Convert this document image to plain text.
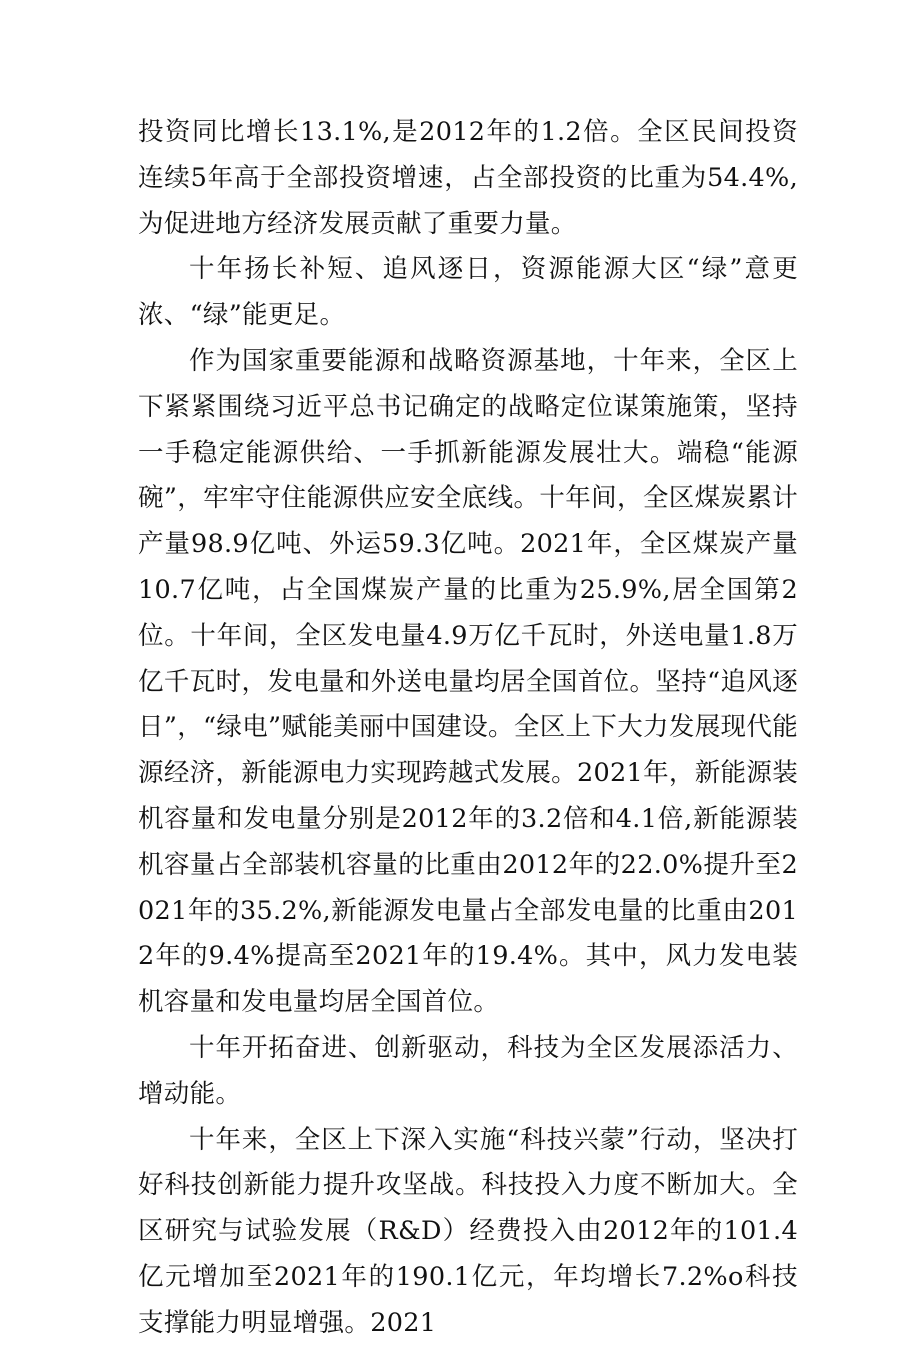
投资同比增长13.1%,是2012年的1.2倍。全区民间投资连续5年高于全部投资增速，占全部投资的比重为54.4%,为促进地方经济发展贡献了重要力量。

十年扬长补短、追风逐日，资源能源大区“绿”意更浓、“绿”能更足。

作为国家重要能源和战略资源基地，十年来，全区上下紧紧围绕习近平总书记确定的战略定位谋策施策，坚持一手稳定能源供给、一手抓新能源发展壮大。端稳“能源碗”，牢牢守住能源供应安全底线。十年间，全区煤炭累计产量98.9亿吨、外运59.3亿吨。2021年，全区煤炭产量10.7亿吨，占全国煤炭产量的比重为25.9%,居全国第2位。十年间，全区发电量4.9万亿千瓦时，外送电量1.8万亿千瓦时，发电量和外送电量均居全国首位。坚持“追风逐日”，“绿电”赋能美丽中国建设。全区上下大力发展现代能源经济，新能源电力实现跨越式发展。2021年，新能源装机容量和发电量分别是2012年的3.2倍和4.1倍,新能源装机容量占全部装机容量的比重由2012年的22.0%提升至2021年的35.2%,新能源发电量占全部发电量的比重由2012年的9.4%提高至2021年的19.4%。其中，风力发电装机容量和发电量均居全国首位。

十年开拓奋进、创新驱动，科技为全区发展添活力、增动能。

十年来，全区上下深入实施“科技兴蒙”行动，坚决打好科技创新能力提升攻坚战。科技投入力度不断加大。全区研究与试验发展（R&D）经费投入由2012年的101.4亿元增加至2021年的190.1亿元，年均增长7.2%o科技支撑能力明显增强。2021
